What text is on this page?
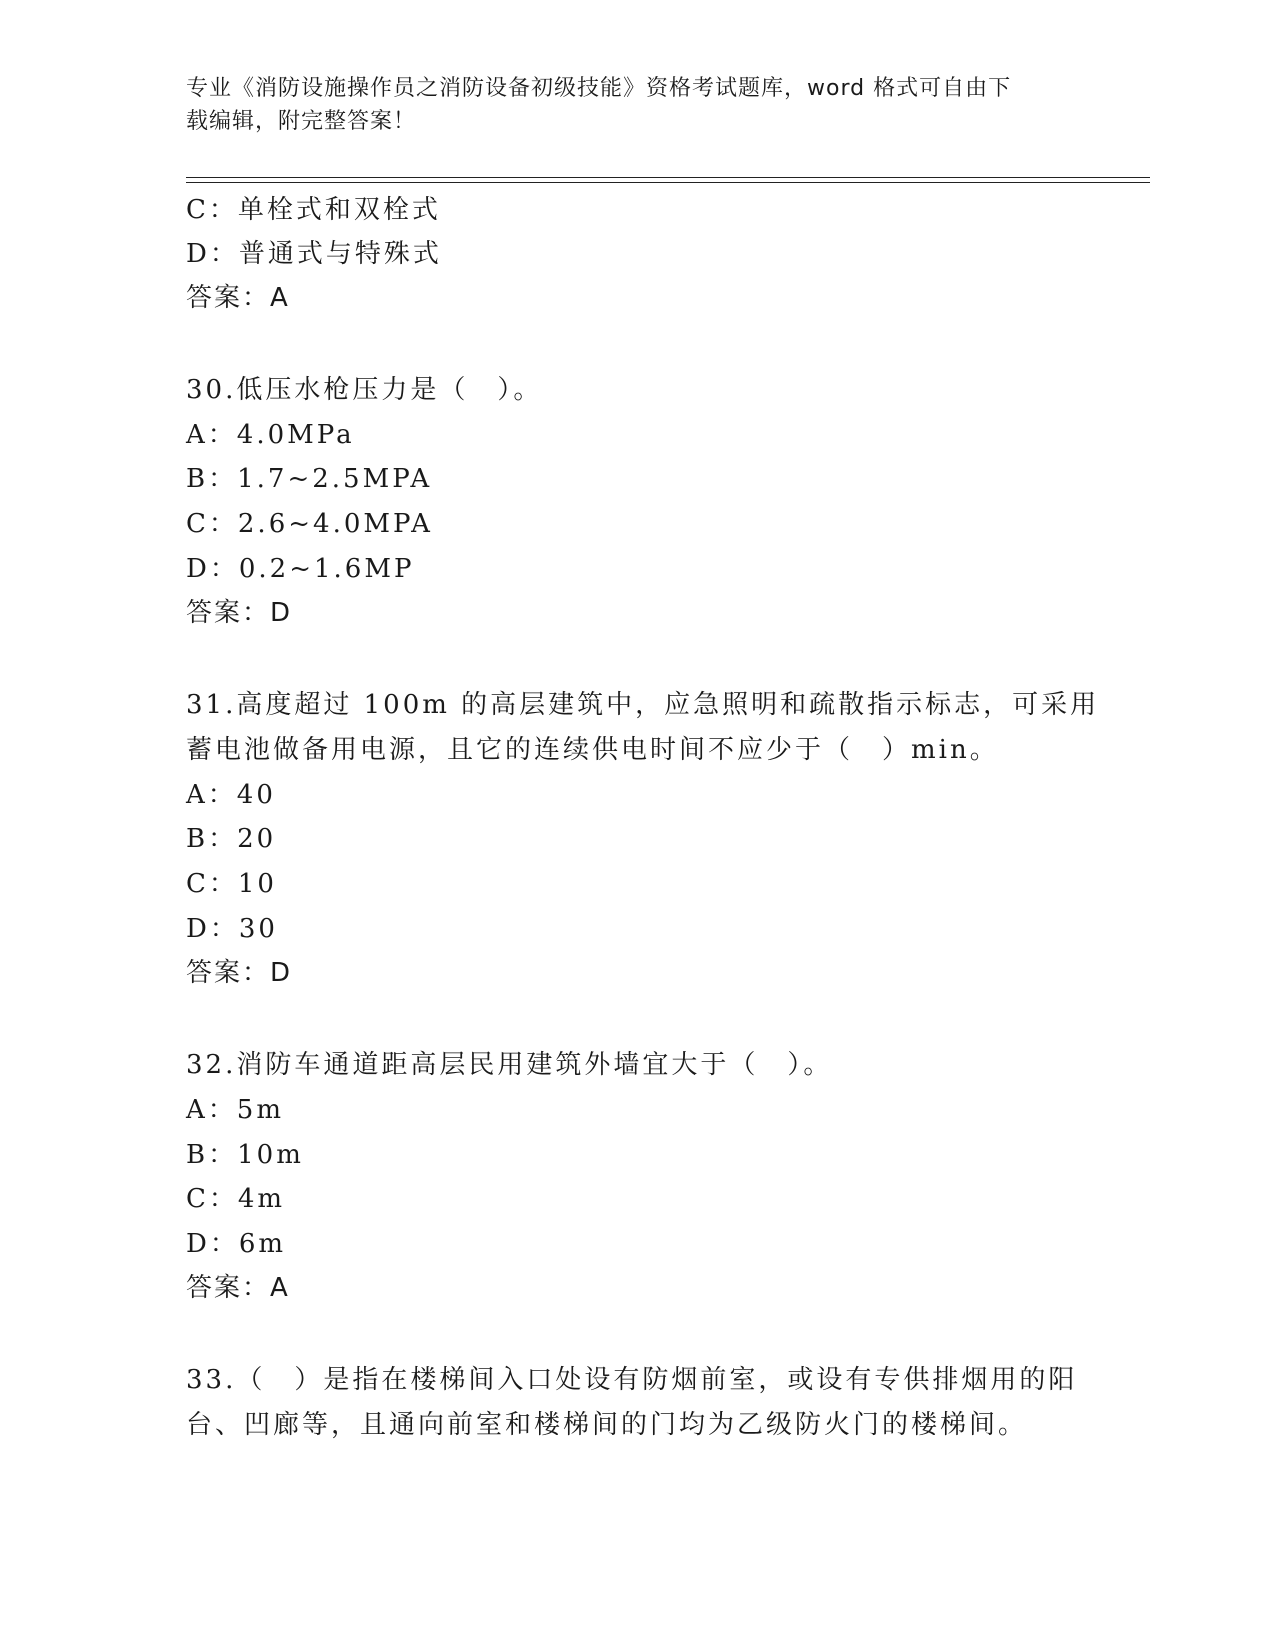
专业《消防设施操作员之消防设备初级技能》资格考试题库，word 格式可自由下
载编辑，附完整答案！
C：单栓式和双栓式
D：普通式与特殊式
答案：A
30.低压水枪压力是（　）。
A：4.0MPa
B：1.7~2.5MPA
C：2.6~4.0MPA
D：0.2~1.6MP
答案：D
31.高度超过 100m 的高层建筑中，应急照明和疏散指示标志，可采用
蓄电池做备用电源，且它的连续供电时间不应少于（　）min。
A：40
B：20
C：10
D：30
答案：D
32.消防车通道距高层民用建筑外墙宜大于（　）。
A：5m
B：10m
C：4m
D：6m
答案：A
33.（　）是指在楼梯间入口处设有防烟前室，或设有专供排烟用的阳
台、凹廊等，且通向前室和楼梯间的门均为乙级防火门的楼梯间。
